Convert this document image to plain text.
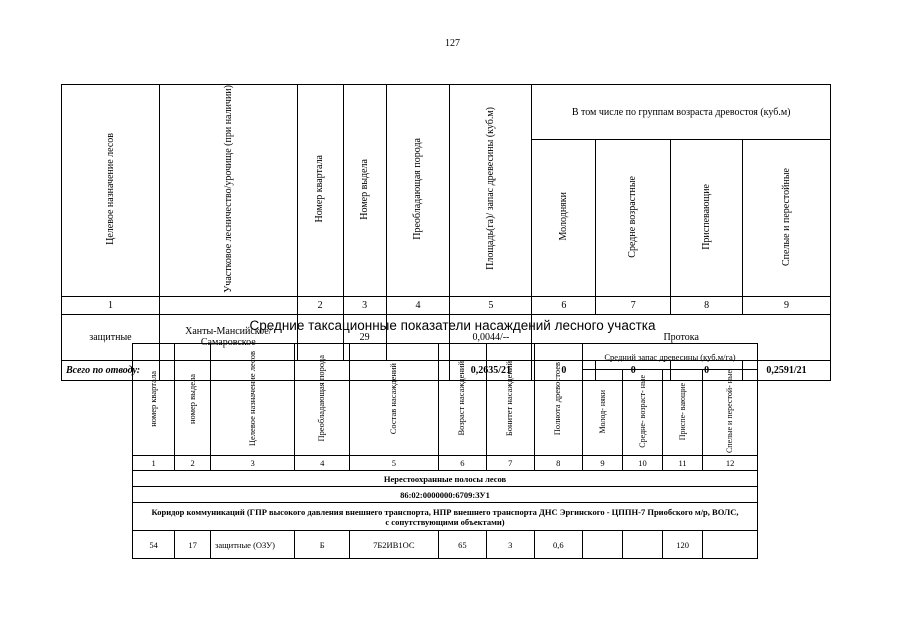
127
Целевое назначение лесов	Участковое лесничество/урочище (при наличии)	Номер квартала	Номер выдела	Преобладающая порода	Площадь(га)/ запас древесины (куб.м)	В том числе по группам возраста древостоя (куб.м)			
						Молодняки	Средне возрастные	Приспевающие	Спелые и перестойные
1		2	3	4	5	6	7	8	9
защитные	Ханты-Мансийское/ Самаровское		29		0,0044/--	Протока			
Всего по отводу:					0,2635/21	0	0	0	0,2591/21
Средние таксационные показатели насаждений лесного участка
номер квартала	номер выдела	Целевое назначение лесов	Преобладающая порода	Состав насаждений	Возраст насаждений	Бонитет насаждений	Полнота древостоев	Средний запас древесины (куб.м/га)			
								Молод- няки	Средне- возраст- ные	Приспе- вающие	Спелые и перестой- ные
1	2	3	4	5	6	7	8	9	10	11	12
Нерестоохранные полосы лесов											
86:02:0000000:6709:ЗУ1											
Коридор коммуникаций (ГПР высокого давления внешнего транспорта, НПР внешнего транспорта ДНС Эргинского - ЦППН-7 Приобского м/р, ВОЛС, с сопутствующими объектами)											
54	17	защитные (ОЗУ)	Б	7Б2ИВ1ОС	65	3	0,6			120	
